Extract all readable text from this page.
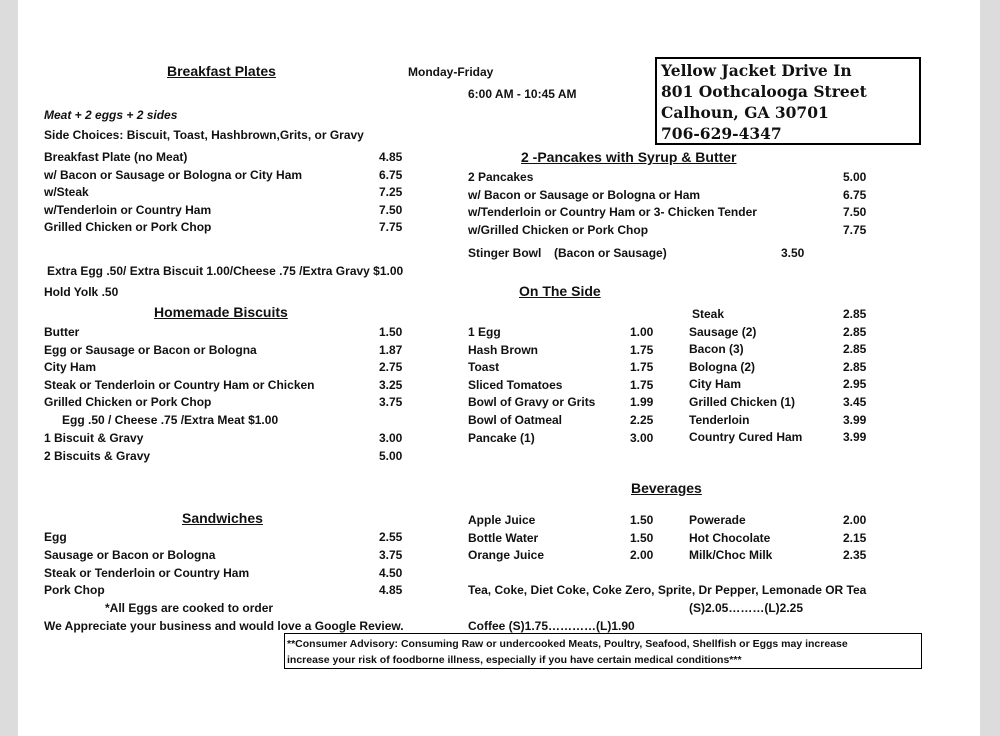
Breakfast Plates	Monday-Friday
6:00 AM - 10:45 AM
Meat + 2 eggs + 2 sides
Side Choices: Biscuit, Toast, Hashbrown,Grits, or Gravy
Breakfast Plate (no Meat)	4.85
w/ Bacon or Sausage or Bologna or City Ham	6.75
w/Steak	7.25
w/Tenderloin or Country Ham	7.50
Grilled Chicken or Pork Chop	7.75
Extra Egg .50/ Extra Biscuit 1.00/Cheese .75 /Extra Gravy $1.00
Hold Yolk .50
Yellow Jacket Drive In
801 Oothcalooga Street
Calhoun, GA 30701
706-629-4347
2 -Pancakes with Syrup & Butter
2 Pancakes	5.00
w/ Bacon or Sausage or Bologna or Ham	6.75
w/Tenderloin or Country Ham or 3- Chicken Tender	7.50
w/Grilled Chicken or Pork Chop	7.75
Stinger Bowl (Bacon or Sausage)	3.50
Homemade Biscuits
Butter	1.50
Egg or Sausage or Bacon or Bologna	1.87
City Ham	2.75
Steak or Tenderloin or Country Ham or Chicken	3.25
Grilled Chicken or Pork Chop	3.75
Egg .50 / Cheese .75 /Extra Meat $1.00
1 Biscuit & Gravy	3.00
2 Biscuits & Gravy	5.00
On The Side
1 Egg	1.00
Hash Brown	1.75
Toast	1.75
Sliced Tomatoes	1.75
Bowl of Gravy or Grits	1.99
Bowl of Oatmeal	2.25
Pancake (1)	3.00
Steak	2.85
Sausage (2)	2.85
Bacon (3)	2.85
Bologna (2)	2.85
City Ham	2.95
Grilled Chicken (1)	3.45
Tenderloin	3.99
Country Cured Ham	3.99
Sandwiches
Egg	2.55
Sausage or Bacon or Bologna	3.75
Steak or Tenderloin or Country Ham	4.50
Pork Chop	4.85
*All Eggs are cooked to order
We Appreciate your business and would love a Google Review.
Beverages
Apple Juice	1.50
Bottle Water	1.50
Orange Juice	2.00
Powerade	2.00
Hot Chocolate	2.15
Milk/Choc Milk	2.35
Tea, Coke, Diet Coke, Coke Zero, Sprite, Dr Pepper, Lemonade OR Tea
(S)2.05………(L)2.25
Coffee (S)1.75…………(L)1.90
**Consumer Advisory: Consuming Raw or undercooked Meats, Poultry, Seafood, Shellfish or Eggs may increase
increase your risk of foodborne illness, especially if you have certain medical conditions***
